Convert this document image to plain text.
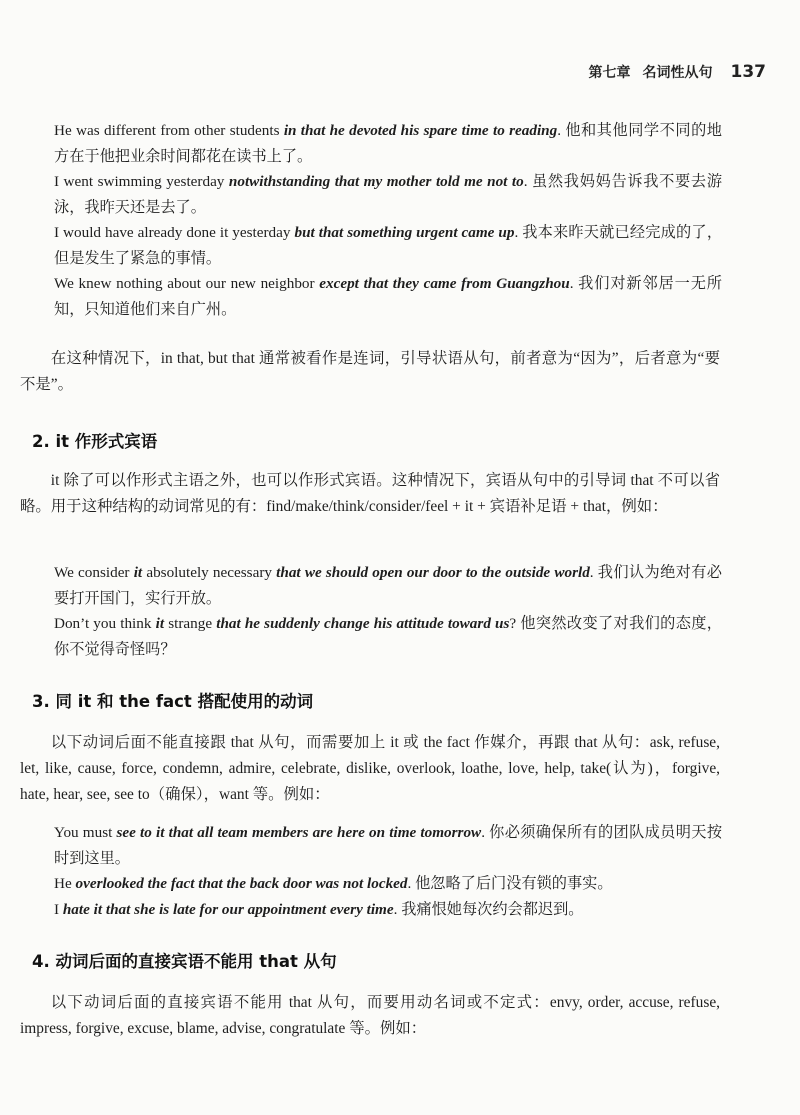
第七章 名词性从句 137

He was different from other students in that he devoted his spare time to reading. 他和其他同学不同的地方在于他把业余时间都花在读书上了。

I went swimming yesterday notwithstanding that my mother told me not to. 虽然我妈妈告诉我不要去游泳，我昨天还是去了。

I would have already done it yesterday but that something urgent came up. 我本来昨天就已经完成的了，但是发生了紧急的事情。

We knew nothing about our new neighbor except that they came from Guangzhou. 我们对新邻居一无所知，只知道他们来自广州。

在这种情况下，in that, but that 通常被看作是连词，引导状语从句，前者意为“因为”，后者意为“要不是”。

2. it 作形式宾语

it 除了可以作形式主语之外，也可以作形式宾语。这种情况下，宾语从句中的引导词 that 不可以省略。用于这种结构的动词常见的有：find/make/think/consider/feel + it + 宾语补足语 + that，例如：

We consider it absolutely necessary that we should open our door to the outside world. 我们认为绝对有必要打开国门，实行开放。

Don’t you think it strange that he suddenly change his attitude toward us? 他突然改变了对我们的态度，你不觉得奇怪吗？

3. 同 it 和 the fact 搭配使用的动词

以下动词后面不能直接跟 that 从句，而需要加上 it 或 the fact 作媒介，再跟 that 从句：ask, refuse, let, like, cause, force, condemn, admire, celebrate, dislike, overlook, loathe, love, help, take(认为)，forgive, hate, hear, see, see to（确保），want 等。例如：

You must see to it that all team members are here on time tomorrow. 你必须确保所有的团队成员明天按时到这里。

He overlooked the fact that the back door was not locked. 他忽略了后门没有锁的事实。

I hate it that she is late for our appointment every time. 我痛恨她每次约会都迟到。

4. 动词后面的直接宾语不能用 that 从句

以下动词后面的直接宾语不能用 that 从句，而要用动名词或不定式：envy, order, accuse, refuse, impress, forgive, excuse, blame, advise, congratulate 等。例如：
